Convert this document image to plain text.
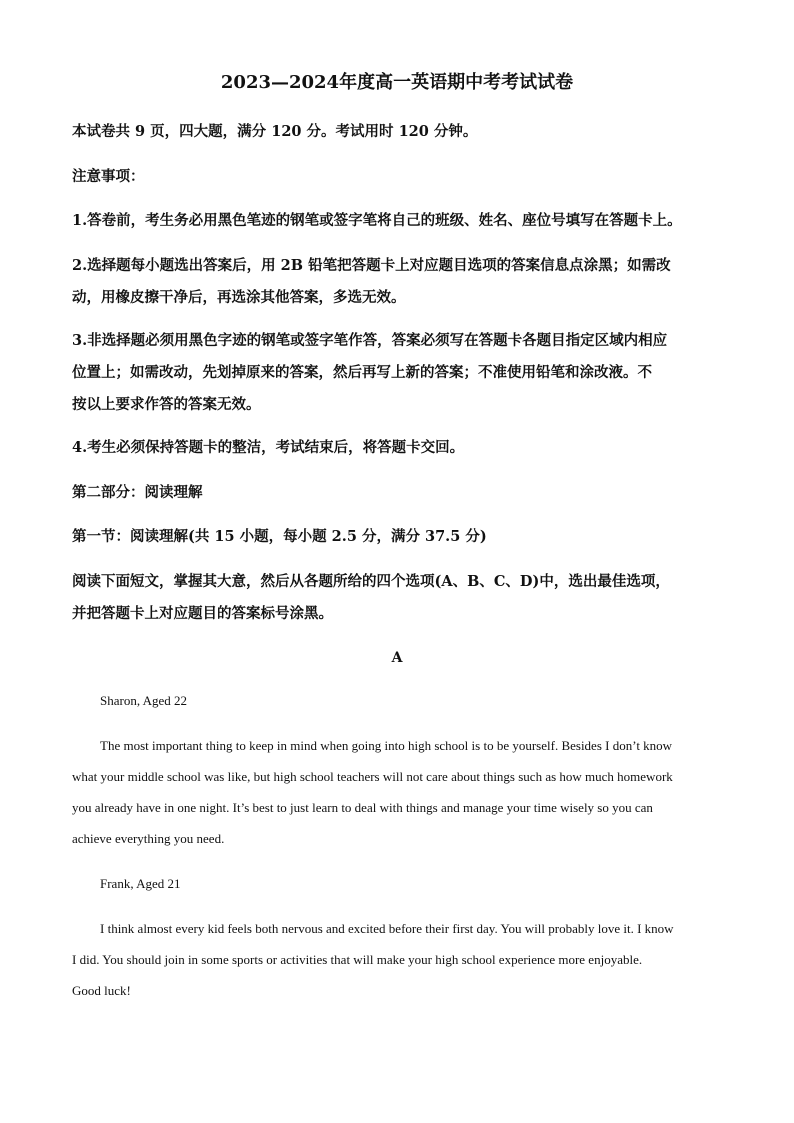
2023—2024年度高一英语期中考考试试卷
本试卷共 9 页，四大题，满分 120 分。考试用时 120 分钟。
注意事项：
1.答卷前，考生务必用黑色笔迹的钢笔或签字笔将自己的班级、姓名、座位号填写在答题卡上。
2.选择题每小题选出答案后，用 2B 铅笔把答题卡上对应题目选项的答案信息点涂黑；如需改
动，用橡皮擦干净后，再选涂其他答案，多选无效。
3.非选择题必须用黑色字迹的钢笔或签字笔作答，答案必须写在答题卡各题目指定区域内相应
位置上；如需改动，先划掉原来的答案，然后再写上新的答案；不准使用铅笔和涂改液。不
按以上要求作答的答案无效。
4.考生必须保持答题卡的整洁，考试结束后，将答题卡交回。
第二部分：阅读理解
第一节：阅读理解(共 15 小题，每小题 2.5 分，满分 37.5 分)
阅读下面短文，掌握其大意，然后从各题所给的四个选项(A、B、C、D)中，选出最佳选项，
并把答题卡上对应题目的答案标号涂黑。
A
Sharon, Aged 22
The most important thing to keep in mind when going into high school is to be yourself. Besides I don’t know
what your middle school was like, but high school teachers will not care about things such as how much homework
you already have in one night. It’s best to just learn to deal with things and manage your time wisely so you can
achieve everything you need.
Frank, Aged 21
I think almost every kid feels both nervous and excited before their first day. You will probably love it. I know
I did. You should join in some sports or activities that will make your high school experience more enjoyable.
Good luck!
